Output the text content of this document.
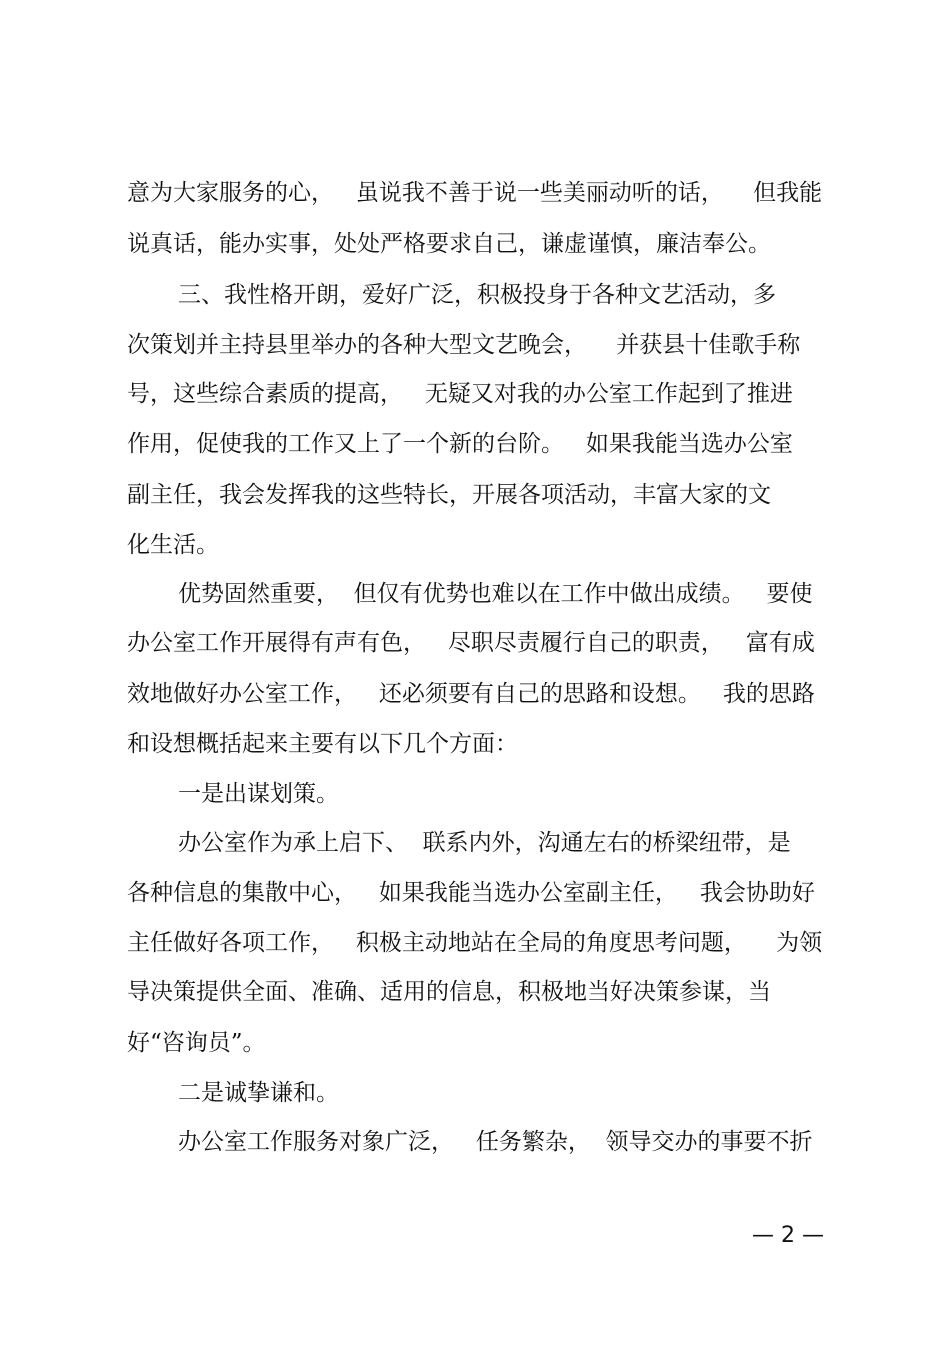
意为大家服务的心，   虽说我不善于说一些美丽动听的话，    但我能
说真话，能办实事，处处严格要求自己，谦虚谨慎，廉洁奉公。
三、我性格开朗，爱好广泛，积极投身于各种文艺活动，多
次策划并主持县里举办的各种大型文艺晚会，    并获县十佳歌手称
号，这些综合素质的提高，   无疑又对我的办公室工作起到了推进
作用，促使我的工作又上了一个新的台阶。   如果我能当选办公室
副主任，我会发挥我的这些特长，开展各项活动，丰富大家的文
化生活。
优势固然重要，  但仅有优势也难以在工作中做出成绩。   要使
办公室工作开展得有声有色，   尽职尽责履行自己的职责，   富有成
效地做好办公室工作，   还必须要有自己的思路和设想。   我的思路
和设想概括起来主要有以下几个方面：
一是出谋划策。
办公室作为承上启下、  联系内外，沟通左右的桥梁纽带，是
各种信息的集散中心，   如果我能当选办公室副主任，   我会协助好
主任做好各项工作，   积极主动地站在全局的角度思考问题，    为领
导决策提供全面、准确、适用的信息，积极地当好决策参谋，当
好“咨询员”。
二是诚挚谦和。
办公室工作服务对象广泛，   任务繁杂，  领导交办的事要不折
— 2 —
